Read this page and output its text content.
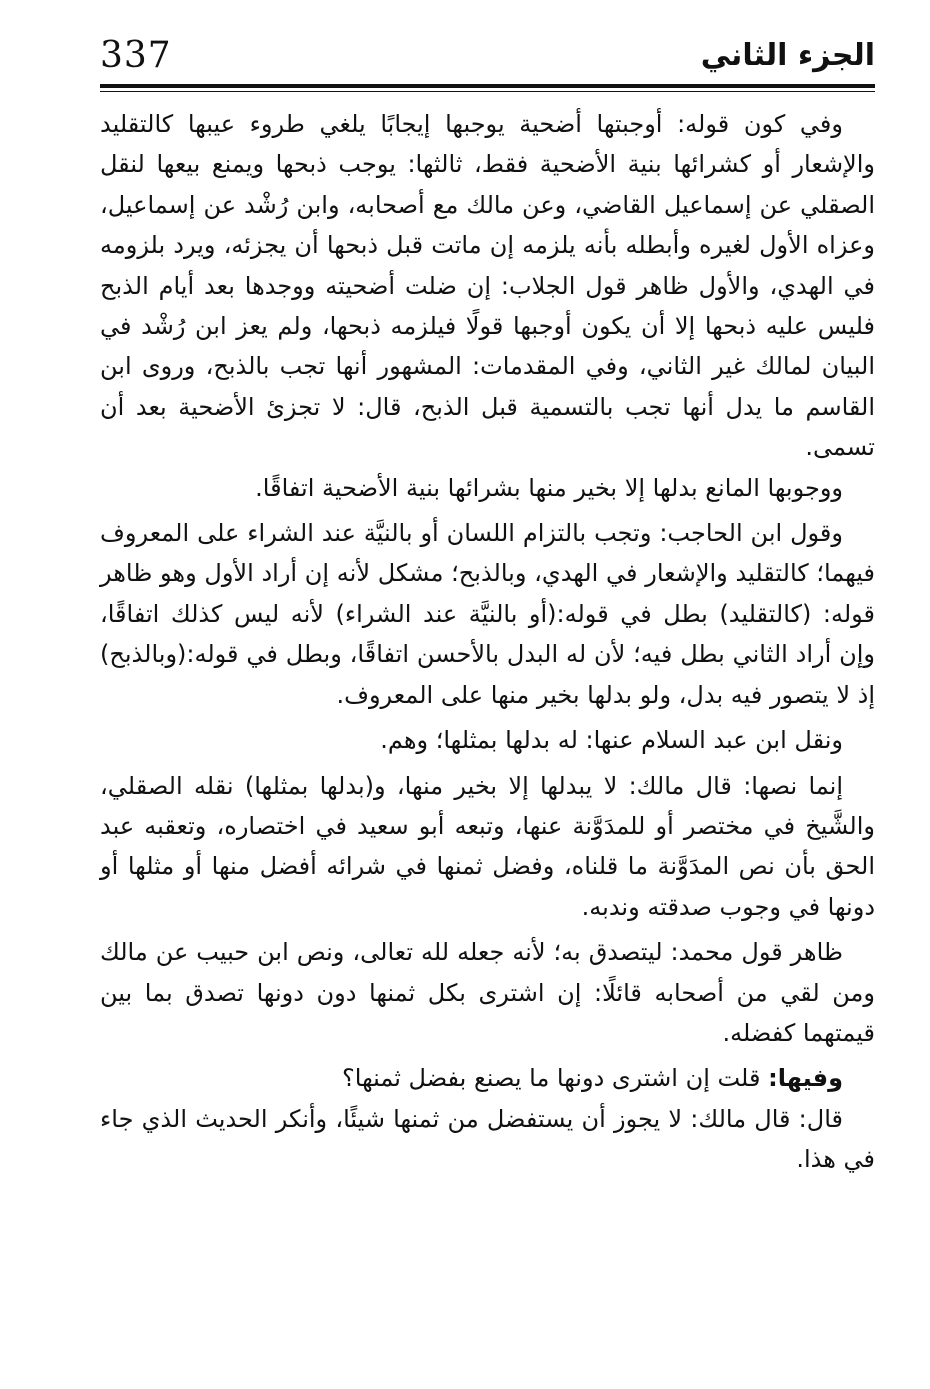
337	الجزء الثاني

وفي كون قوله: أوجبتها أضحية يوجبها إيجابًا يلغي طروء عيبها كالتقليد والإشعار أو كشرائها بنية الأضحية فقط، ثالثها: يوجب ذبحها ويمنع بيعها لنقل الصقلي عن إسماعيل القاضي، وعن مالك مع أصحابه، وابن رُشْد عن إسماعيل، وعزاه الأول لغيره وأبطله بأنه يلزمه إن ماتت قبل ذبحها أن يجزئه، ويرد بلزومه في الهدي، والأول ظاهر قول الجلاب: إن ضلت أضحيته ووجدها بعد أيام الذبح فليس عليه ذبحها إلا أن يكون أوجبها قولًا فيلزمه ذبحها، ولم يعز ابن رُشْد في البيان لمالك غير الثاني، وفي المقدمات: المشهور أنها تجب بالذبح، وروى ابن القاسم ما يدل أنها تجب بالتسمية قبل الذبح، قال: لا تجزئ الأضحية بعد أن تسمى.

ووجوبها المانع بدلها إلا بخير منها بشرائها بنية الأضحية اتفاقًا.

وقول ابن الحاجب: وتجب بالتزام اللسان أو بالنيَّة عند الشراء على المعروف فيهما؛ كالتقليد والإشعار في الهدي، وبالذبح؛ مشكل لأنه إن أراد الأول وهو ظاهر قوله: (كالتقليد) بطل في قوله:(أو بالنيَّة عند الشراء) لأنه ليس كذلك اتفاقًا، وإن أراد الثاني بطل فيه؛ لأن له البدل بالأحسن اتفاقًا، وبطل في قوله:(وبالذبح) إذ لا يتصور فيه بدل، ولو بدلها بخير منها على المعروف.

ونقل ابن عبد السلام عنها: له بدلها بمثلها؛ وهم.

إنما نصها: قال مالك: لا يبدلها إلا بخير منها، و(بدلها بمثلها) نقله الصقلي، والشَّيخ في مختصر أو للمدَوَّنة عنها، وتبعه أبو سعيد في اختصاره، وتعقبه عبد الحق بأن نص المدَوَّنة ما قلناه، وفضل ثمنها في شرائه أفضل منها أو مثلها أو دونها في وجوب صدقته وندبه.

ظاهر قول محمد: ليتصدق به؛ لأنه جعله لله تعالى، ونص ابن حبيب عن مالك ومن لقي من أصحابه قائلًا: إن اشترى بكل ثمنها دون دونها تصدق بما بين قيمتهما كفضله.

وفيها: قلت إن اشترى دونها ما يصنع بفضل ثمنها؟

قال: قال مالك: لا يجوز أن يستفضل من ثمنها شيئًا، وأنكر الحديث الذي جاء في هذا.
